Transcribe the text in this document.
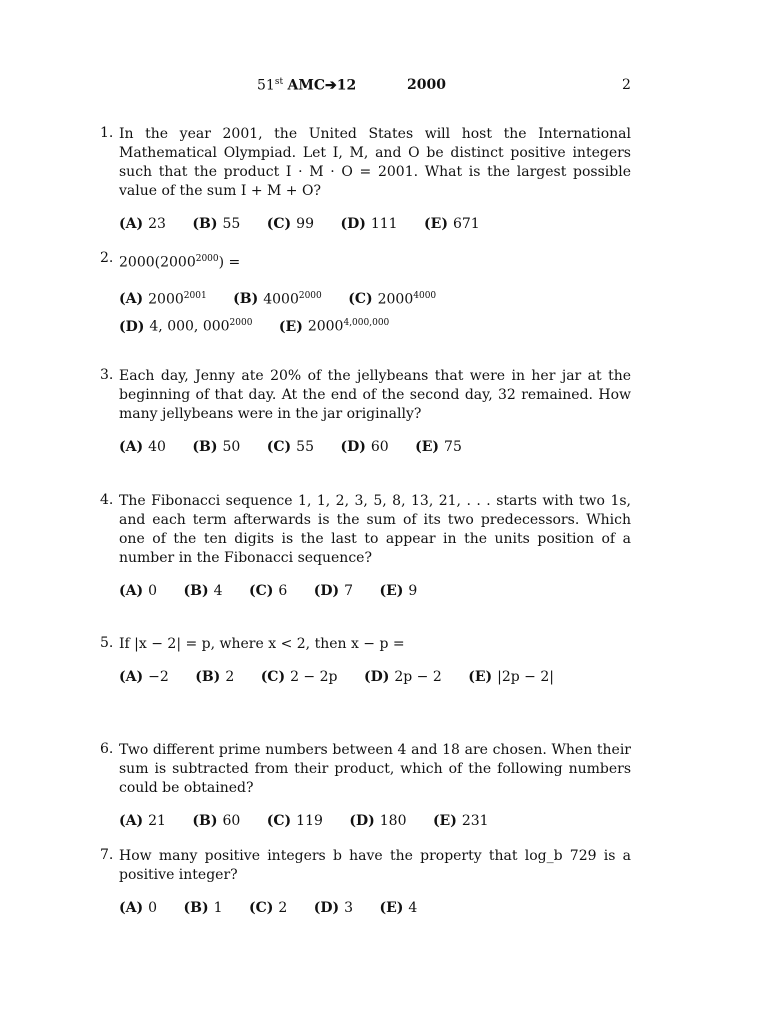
51st AMC➔12	2000	2
1. In the year 2001, the United States will host the International Mathematical Olympiad. Let I, M, and O be distinct positive integers such that the product I · M · O = 2001. What is the largest possible value of the sum I + M + O?
(A) 23 (B) 55 (C) 99 (D) 111 (E) 671
2. $2000(2000^{2000})$ =
(A) $2000^{2001}$ (B) $4000^{2000}$ (C) $2000^{4000}$
(D) 4, 000, $000^{2000}$ (E) 2000$^{4,000,000}$
3. Each day, Jenny ate 20% of the jellybeans that were in her jar at the beginning of that day. At the end of the second day, 32 remained. How many jellybeans were in the jar originally?
(A) 40 (B) 50 (C) 55 (D) 60 (E) 75
4. The Fibonacci sequence 1, 1, 2, 3, 5, 8, 13, 21, . . . starts with two 1s, and each term afterwards is the sum of its two predecessors. Which one of the ten digits is the last to appear in the units position of a number in the Fibonacci sequence?
(A) 0 (B) 4 (C) 6 (D) 7 (E) 9
5. If |x − 2| = p, where x < 2, then x − p =
(A) −2 (B) 2 (C) 2 − 2p (D) 2p − 2 (E) |2p − 2|
6. Two different prime numbers between 4 and 18 are chosen. When their sum is subtracted from their product, which of the following numbers could be obtained?
(A) 21 (B) 60 (C) 119 (D) 180 (E) 231
7. How many positive integers b have the property that log_b 729 is a positive integer?
(A) 0 (B) 1 (C) 2 (D) 3 (E) 4
